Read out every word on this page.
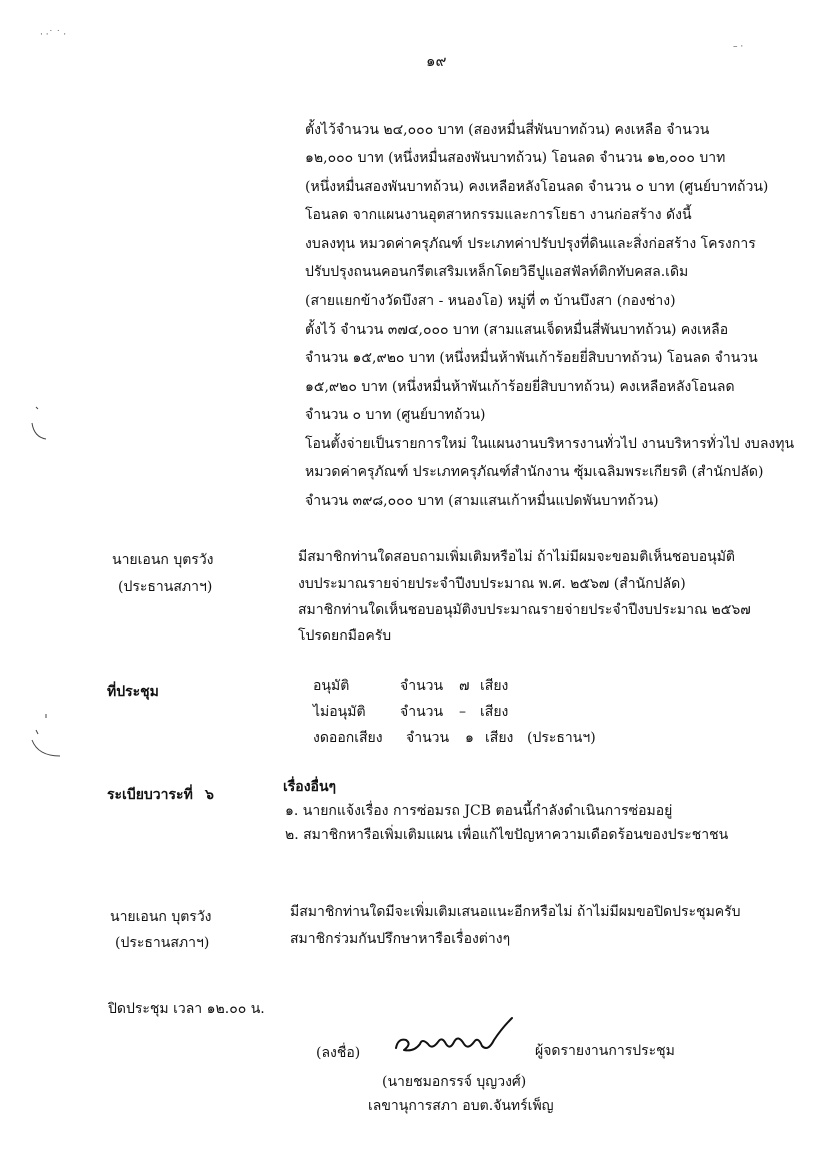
· ·˙ ˙ ·
– ·
๑๙
ตั้งไว้จำนวน ๒๔,๐๐๐ บาท (สองหมื่นสี่พันบาทถ้วน) คงเหลือ จำนวน
๑๒,๐๐๐ บาท (หนึ่งหมื่นสองพันบาทถ้วน) โอนลด จำนวน ๑๒,๐๐๐ บาท
(หนึ่งหมื่นสองพันบาทถ้วน) คงเหลือหลังโอนลด จำนวน ๐ บาท (ศูนย์บาทถ้วน)
โอนลด จากแผนงานอุตสาหกรรมและการโยธา งานก่อสร้าง ดังนี้
งบลงทุน หมวดค่าครุภัณฑ์ ประเภทค่าปรับปรุงที่ดินและสิ่งก่อสร้าง โครงการ
ปรับปรุงถนนคอนกรีตเสริมเหล็กโดยวิธีปูแอสฟัลท์ติกทับคสล.เดิม
(สายแยกข้างวัดบึงสา - หนองโอ) หมู่ที่ ๓ บ้านบึงสา (กองช่าง)
ตั้งไว้ จำนวน ๓๗๔,๐๐๐ บาท (สามแสนเจ็ดหมื่นสี่พันบาทถ้วน) คงเหลือ
จำนวน ๑๕,๙๒๐ บาท (หนึ่งหมื่นห้าพันเก้าร้อยยี่สิบบาทถ้วน) โอนลด จำนวน
๑๕,๙๒๐ บาท (หนึ่งหมื่นห้าพันเก้าร้อยยี่สิบบาทถ้วน) คงเหลือหลังโอนลด
จำนวน ๐ บาท (ศูนย์บาทถ้วน)
โอนตั้งจ่ายเป็นรายการใหม่ ในแผนงานบริหารงานทั่วไป งานบริหารทั่วไป งบลงทุน
หมวดค่าครุภัณฑ์ ประเภทครุภัณฑ์สำนักงาน ซุ้มเฉลิมพระเกียรติ (สำนักปลัด)
จำนวน ๓๙๘,๐๐๐ บาท (สามแสนเก้าหมื่นแปดพันบาทถ้วน)
นายเอนก บุตรวัง
(ประธานสภาฯ)
มีสมาชิกท่านใดสอบถามเพิ่มเติมหรือไม่ ถ้าไม่มีผมจะขอมติเห็นชอบอนุมัติ
งบประมาณรายจ่ายประจำปีงบประมาณ พ.ศ. ๒๕๖๗ (สำนักปลัด)
สมาชิกท่านใดเห็นชอบอนุมัติงบประมาณรายจ่ายประจำปีงบประมาณ ๒๕๖๗
โปรดยกมือครับ
ที่ประชุม	อนุมัติ	จำนวน ๗ เสียง
ไม่อนุมัติ จำนวน – เสียง
งดออกเสียง จำนวน ๑ เสียง (ประธานฯ)
ระเบียบวาระที่ ๖	เรื่องอื่นๆ
๑. นายกแจ้งเรื่อง การซ่อมรถ JCB ตอนนี้กำลังดำเนินการซ่อมอยู่
๒. สมาชิกหารือเพิ่มเติมแผน เพื่อแก้ไขปัญหาความเดือดร้อนของประชาชน
นายเอนก บุตรวัง
(ประธานสภาฯ)
มีสมาชิกท่านใดมีจะเพิ่มเติมเสนอแนะอีกหรือไม่ ถ้าไม่มีผมขอปิดประชุมครับ
สมาชิกร่วมกันปรึกษาหารือเรื่องต่างๆ
ปิดประชุม เวลา ๑๒.๐๐ น.
(ลงชื่อ)	ผู้จดรายงานการประชุม
(นายชมอกรรจ์ บุญวงศ์)
เลขานุการสภา อบต.จันทร์เพ็ญ
